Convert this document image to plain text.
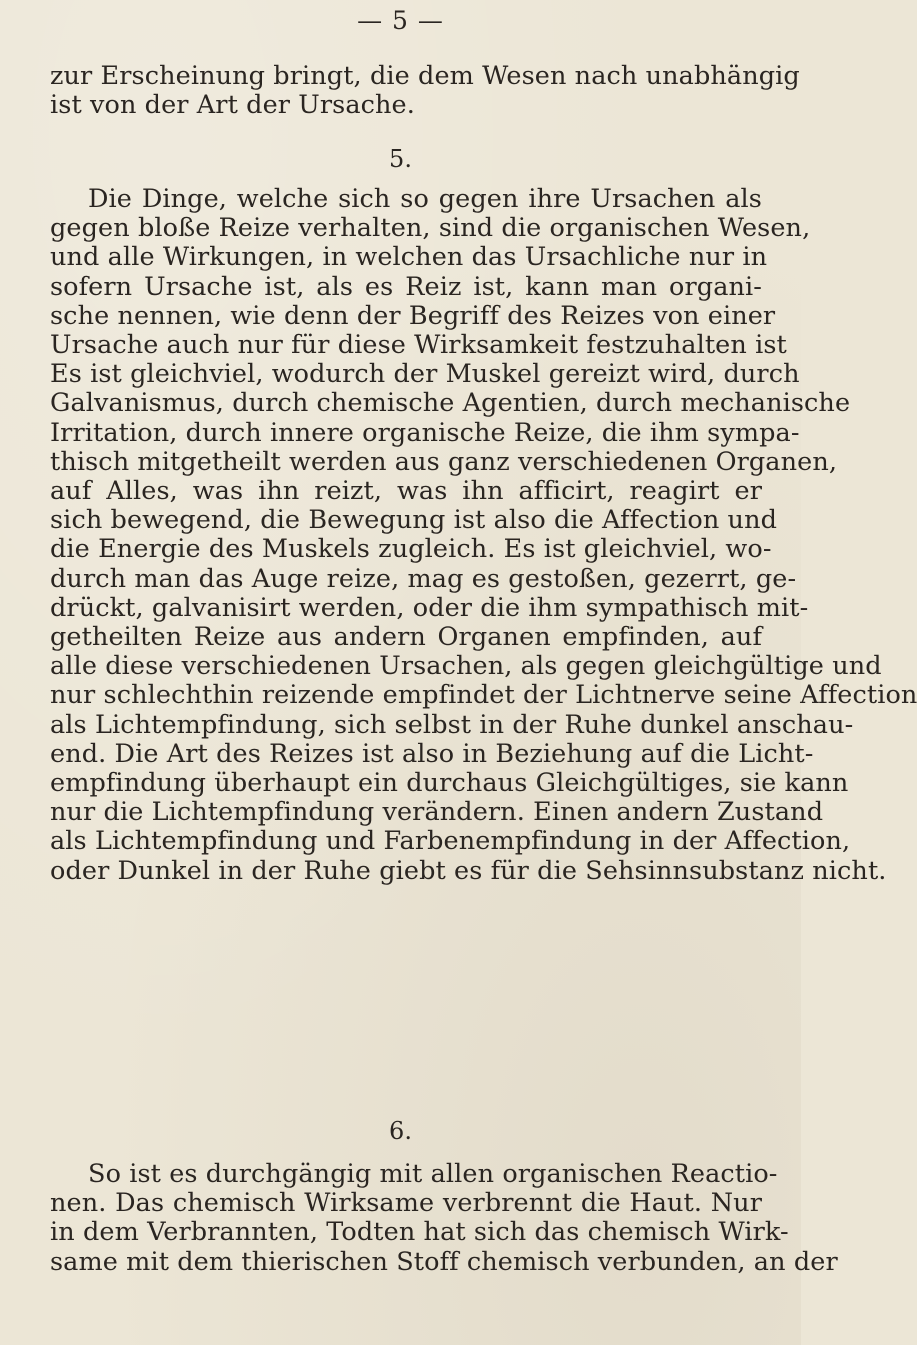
— 5 —
zur Erscheinung bringt, die dem Wesen nach unabhängig
ist von der Art der Ursache.
5.
Die Dinge, welche sich so gegen ihre Ursachen als
gegen bloße Reize verhalten, sind die organischen Wesen,
und alle Wirkungen, in welchen das Ursachliche nur in
sofern Ursache ist, als es Reiz ist, kann man organi-
sche nennen, wie denn der Begriff des Reizes von einer
Ursache auch nur für diese Wirksamkeit festzuhalten ist
Es ist gleichviel, wodurch der Muskel gereizt wird, durch
Galvanismus, durch chemische Agentien, durch mechanische
Irritation, durch innere organische Reize, die ihm sympa-
thisch mitgetheilt werden aus ganz verschiedenen Organen,
auf Alles, was ihn reizt, was ihn afficirt, reagirt er
sich bewegend, die Bewegung ist also die Affection und
die Energie des Muskels zugleich. Es ist gleichviel, wo-
durch man das Auge reize, mag es gestoßen, gezerrt, ge-
drückt, galvanisirt werden, oder die ihm sympathisch mit-
getheilten Reize aus andern Organen empfinden, auf
alle diese verschiedenen Ursachen, als gegen gleichgültige und
nur schlechthin reizende empfindet der Lichtnerve seine Affection
als Lichtempfindung, sich selbst in der Ruhe dunkel anschau-
end. Die Art des Reizes ist also in Beziehung auf die Licht-
empfindung überhaupt ein durchaus Gleichgültiges, sie kann
nur die Lichtempfindung verändern. Einen andern Zustand
als Lichtempfindung und Farbenempfindung in der Affection,
oder Dunkel in der Ruhe giebt es für die Sehsinnsubstanz nicht.
6.
So ist es durchgängig mit allen organischen Reactio-
nen. Das chemisch Wirksame verbrennt die Haut. Nur
in dem Verbrannten, Todten hat sich das chemisch Wirk-
same mit dem thierischen Stoff chemisch verbunden, an der
